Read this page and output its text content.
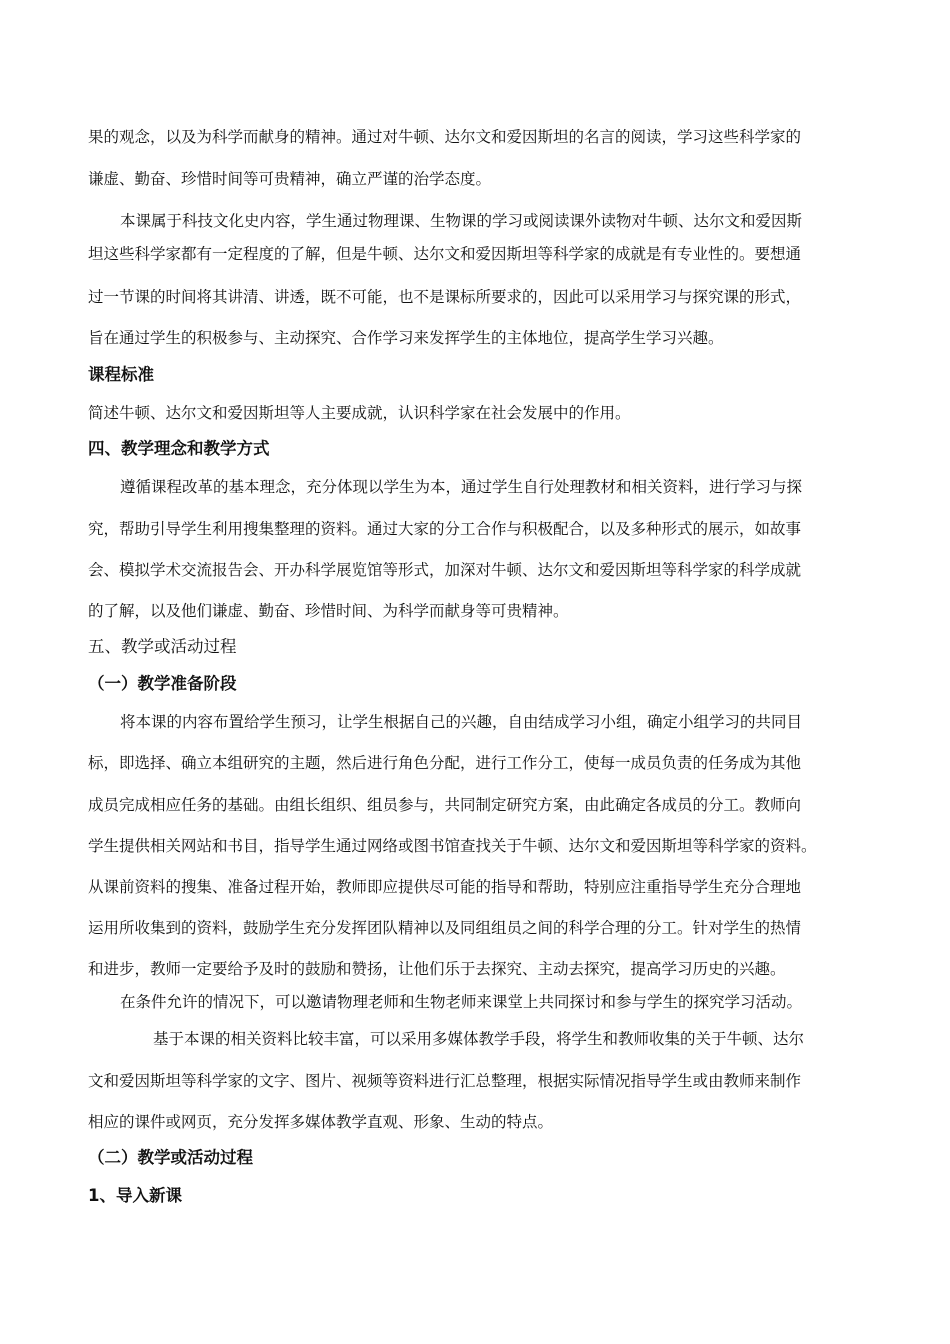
果的观念，以及为科学而献身的精神。通过对牛顿、达尔文和爱因斯坦的名言的阅读，学习这些科学家的
谦虚、勤奋、珍惜时间等可贵精神，确立严谨的治学态度。
本课属于科技文化史内容，学生通过物理课、生物课的学习或阅读课外读物对牛顿、达尔文和爱因斯
坦这些科学家都有一定程度的了解，但是牛顿、达尔文和爱因斯坦等科学家的成就是有专业性的。要想通
过一节课的时间将其讲清、讲透，既不可能，也不是课标所要求的，因此可以采用学习与探究课的形式，
旨在通过学生的积极参与、主动探究、合作学习来发挥学生的主体地位，提高学生学习兴趣。
课程标准
简述牛顿、达尔文和爱因斯坦等人主要成就，认识科学家在社会发展中的作用。
四、教学理念和教学方式
遵循课程改革的基本理念，充分体现以学生为本，通过学生自行处理教材和相关资料，进行学习与探
究，帮助引导学生利用搜集整理的资料。通过大家的分工合作与积极配合，以及多种形式的展示，如故事
会、模拟学术交流报告会、开办科学展览馆等形式，加深对牛顿、达尔文和爱因斯坦等科学家的科学成就
的了解，以及他们谦虚、勤奋、珍惜时间、为科学而献身等可贵精神。
五、教学或活动过程
（一）教学准备阶段
将本课的内容布置给学生预习，让学生根据自己的兴趣，自由结成学习小组，确定小组学习的共同目
标，即选择、确立本组研究的主题，然后进行角色分配，进行工作分工，使每一成员负责的任务成为其他
成员完成相应任务的基础。由组长组织、组员参与，共同制定研究方案，由此确定各成员的分工。教师向
学生提供相关网站和书目，指导学生通过网络或图书馆查找关于牛顿、达尔文和爱因斯坦等科学家的资料。
从课前资料的搜集、准备过程开始，教师即应提供尽可能的指导和帮助，特别应注重指导学生充分合理地
运用所收集到的资料，鼓励学生充分发挥团队精神以及同组组员之间的科学合理的分工。针对学生的热情
和进步，教师一定要给予及时的鼓励和赞扬，让他们乐于去探究、主动去探究，提高学习历史的兴趣。
在条件允许的情况下，可以邀请物理老师和生物老师来课堂上共同探讨和参与学生的探究学习活动。
基于本课的相关资料比较丰富，可以采用多媒体教学手段，将学生和教师收集的关于牛顿、达尔
文和爱因斯坦等科学家的文字、图片、视频等资料进行汇总整理，根据实际情况指导学生或由教师来制作
相应的课件或网页，充分发挥多媒体教学直观、形象、生动的特点。
（二）教学或活动过程
1、导入新课
